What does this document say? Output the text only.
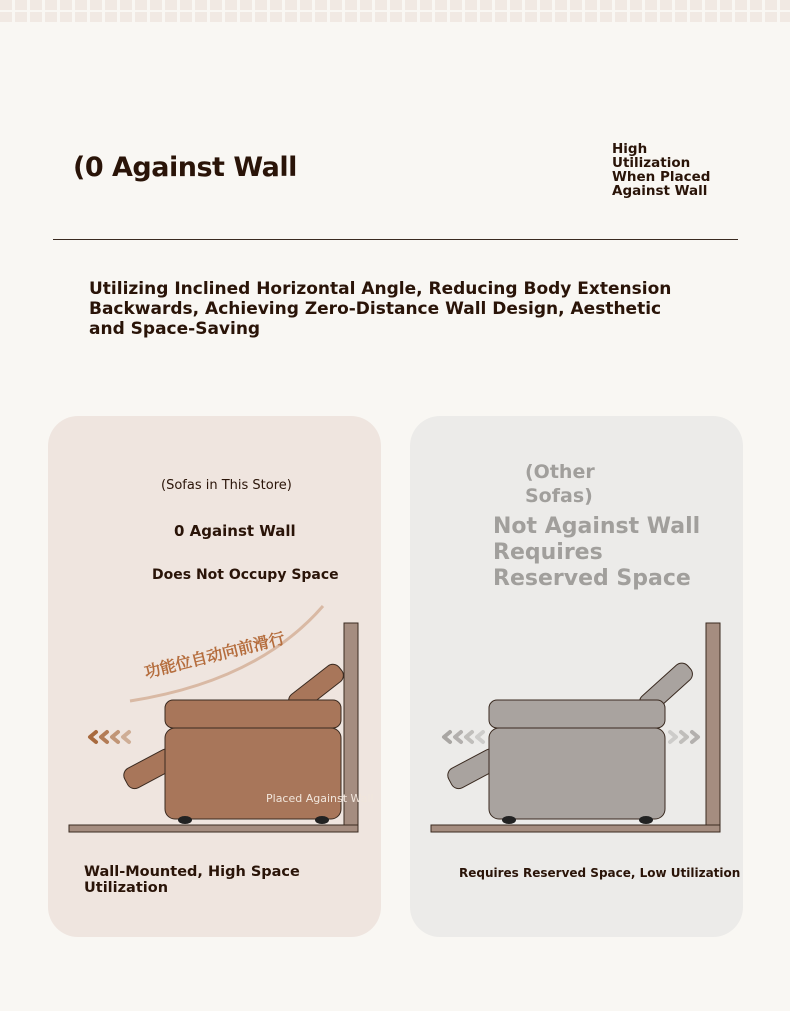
(0 Against Wall
High Utilization When Placed Against Wall
Utilizing Inclined Horizontal Angle, Reducing Body Extension Backwards, Achieving Zero-Distance Wall Design, Aesthetic and Space-Saving
(Sofas in This Store)
0 Against Wall
Does Not Occupy Space
功能位自动向前滑行
Placed Against Wall
Wall-Mounted, High Space Utilization
(Other Sofas)
Not Against Wall Requires Reserved Space
Requires Reserved Space, Low Utilization
